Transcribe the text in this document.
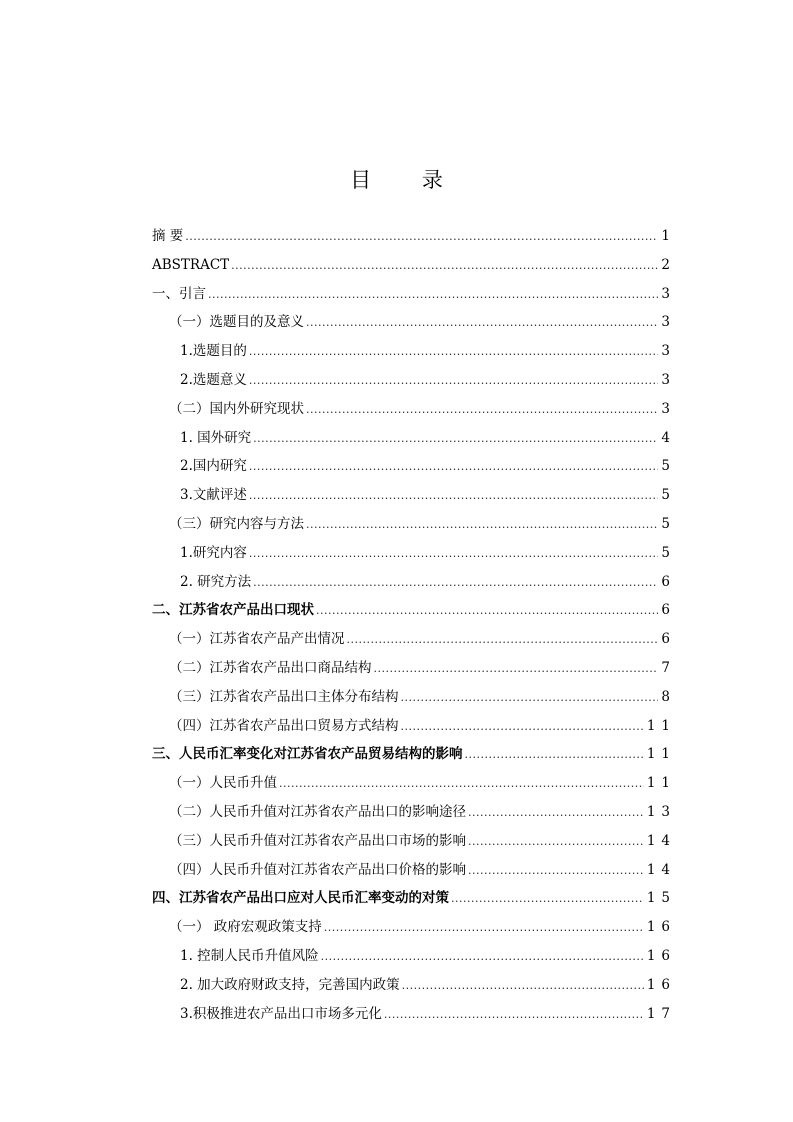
目 录
摘 要 .....	1
ABSTRACT .....	2
一、引言 .....	3
（一）选题目的及意义 .....	3
1.选题目的 .....	3
2.选题意义 .....	3
（二）国内外研究现状 .....	3
1. 国外研究 .....	4
2.国内研究 .....	5
3.文献评述 .....	5
（三）研究内容与方法 .....	5
1.研究内容 .....	5
2. 研究方法 .....	6
二、江苏省农产品出口现状 .....	6
（一）江苏省农产品产出情况 .....	6
（二）江苏省农产品出口商品结构 .....	7
（三）江苏省农产品出口主体分布结构 .....	8
（四）江苏省农产品出口贸易方式结构 .....	11
三、人民币汇率变化对江苏省农产品贸易结构的影响 .....	11
（一）人民币升值 .....	11
（二）人民币升值对江苏省农产品出口的影响途径 .....	13
（三）人民币升值对江苏省农产品出口市场的影响 .....	14
（四）人民币升值对江苏省农产品出口价格的影响 .....	14
四、江苏省农产品出口应对人民币汇率变动的对策 .....	15
（一） 政府宏观政策支持 .....	16
1. 控制人民币升值风险 .....	16
2. 加大政府财政支持，完善国内政策 .....	16
3.积极推进农产品出口市场多元化 .....	17
